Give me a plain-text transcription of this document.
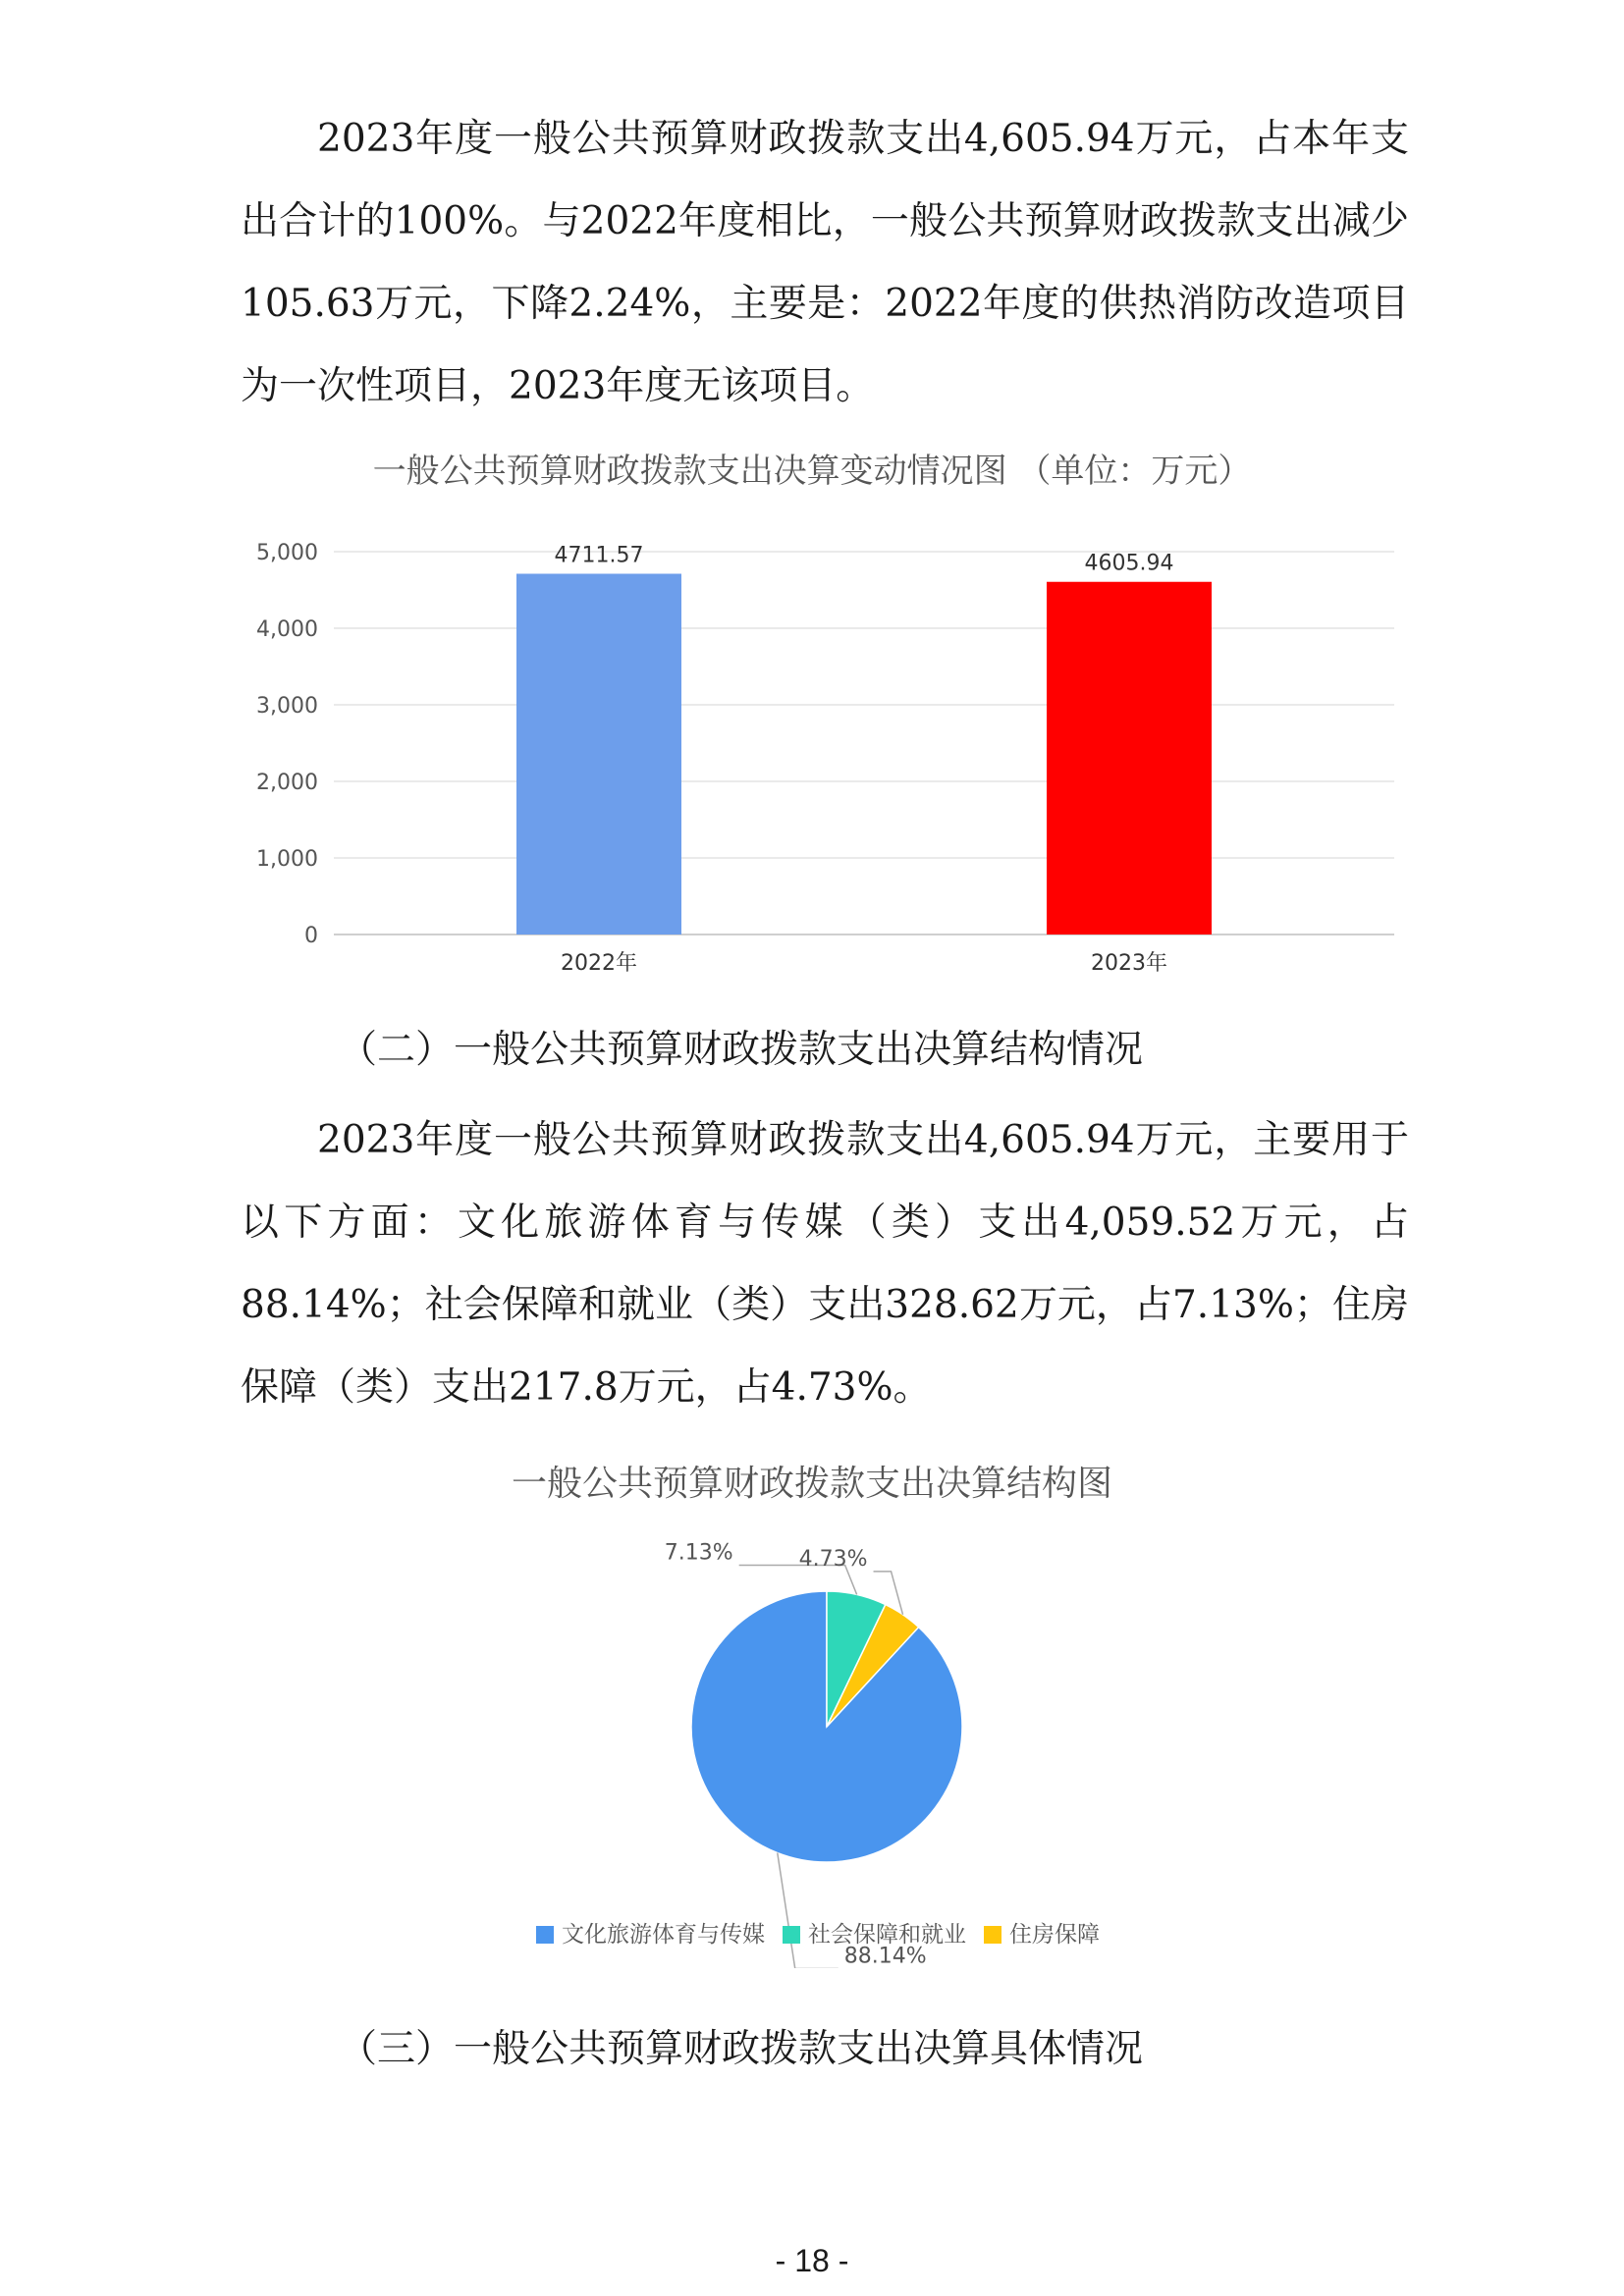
2023年度一般公共预算财政拨款支出4,605.94万元，占本年支出合计的100%。与2022年度相比，一般公共预算财政拨款支出减少105.63万元，下降2.24%，主要是：2022年度的供热消防改造项目为一次性项目，2023年度无该项目。

一般公共预算财政拨款支出决算变动情况图 （单位：万元）
0
1,000
2,000
3,000
4,000
5,000	4711.57
2022年
4605.94
2023年
（二）一般公共预算财政拨款支出决算结构情况

2023年度一般公共预算财政拨款支出4,605.94万元，主要用于以下方面：文化旅游体育与传媒（类）支出4,059.52万元，占88.14%；社会保障和就业（类）支出328.62万元，占7.13%；住房保障（类）支出217.8万元，占4.73%。

一般公共预算财政拨款支出决算结构图
88.14%
7.13%	4.73%
文化旅游体育与传媒 社会保障和就业 住房保障
（三）一般公共预算财政拨款支出决算具体情况
- 18 -
